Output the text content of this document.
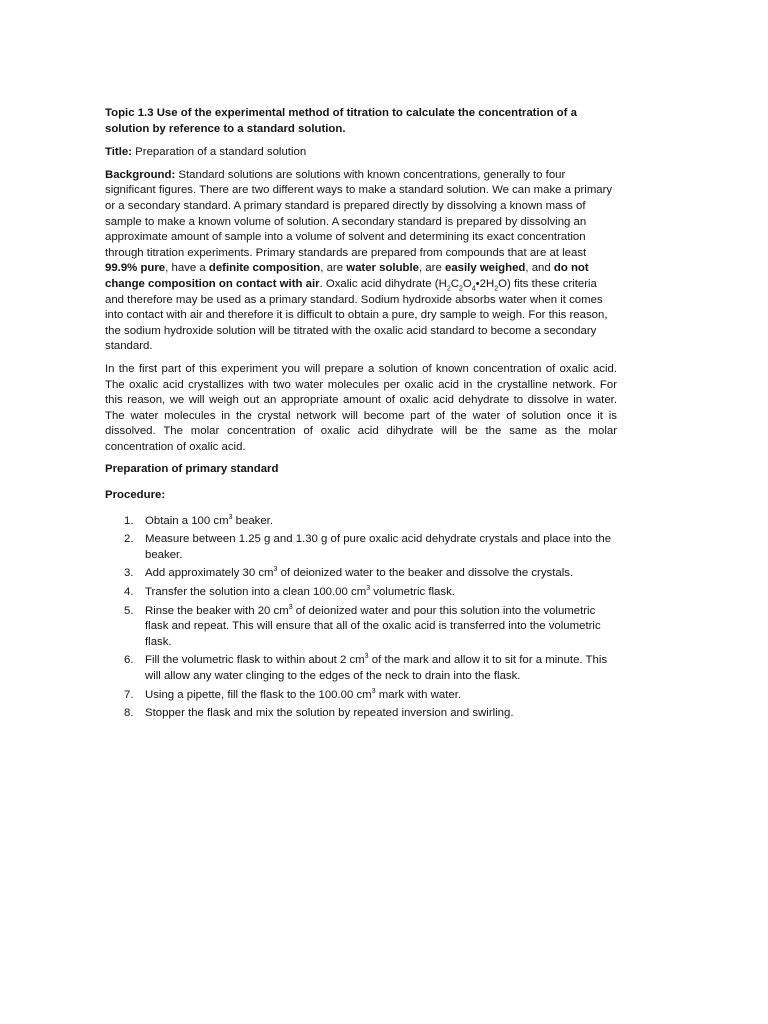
Topic 1.3 Use of the experimental method of titration to calculate the concentration of a solution by reference to a standard solution.

Title: Preparation of a standard solution

Background: Standard solutions are solutions with known concentrations, generally to four significant figures. There are two different ways to make a standard solution. We can make a primary or a secondary standard. A primary standard is prepared directly by dissolving a known mass of sample to make a known volume of solution. A secondary standard is prepared by dissolving an approximate amount of sample into a volume of solvent and determining its exact concentration through titration experiments. Primary standards are prepared from compounds that are at least 99.9% pure, have a definite composition, are water soluble, are easily weighed, and do not change composition on contact with air. Oxalic acid dihydrate $(H_2C_2O_4•2H_2O)$ fits these criteria and therefore may be used as a primary standard. Sodium hydroxide absorbs water when it comes into contact with air and therefore it is difficult to obtain a pure, dry sample to weigh. For this reason, the sodium hydroxide solution will be titrated with the oxalic acid standard to become a secondary standard.

In the first part of this experiment you will prepare a solution of known concentration of oxalic acid. The oxalic acid crystallizes with two water molecules per oxalic acid in the crystalline network. For this reason, we will weigh out an appropriate amount of oxalic acid dehydrate to dissolve in water. The water molecules in the crystal network will become part of the water of solution once it is dissolved. The molar concentration of oxalic acid dihydrate will be the same as the molar concentration of oxalic acid.

Preparation of primary standard

Procedure:

1. Obtain a 100 $cm^3$ beaker.
2. Measure between 1.25 g and 1.30 g of pure oxalic acid dehydrate crystals and place into the beaker.
3. Add approximately 30 $cm^3$ of deionized water to the beaker and dissolve the crystals.
4. Transfer the solution into a clean 100.00 $cm^3$ volumetric flask.
5. Rinse the beaker with 20 $cm^3$ of deionized water and pour this solution into the volumetric flask and repeat. This will ensure that all of the oxalic acid is transferred into the volumetric flask.
6. Fill the volumetric flask to within about 2 $cm^3$ of the mark and allow it to sit for a minute. This will allow any water clinging to the edges of the neck to drain into the flask.
7. Using a pipette, fill the flask to the 100.00 $cm^3$ mark with water.
8. Stopper the flask and mix the solution by repeated inversion and swirling.
